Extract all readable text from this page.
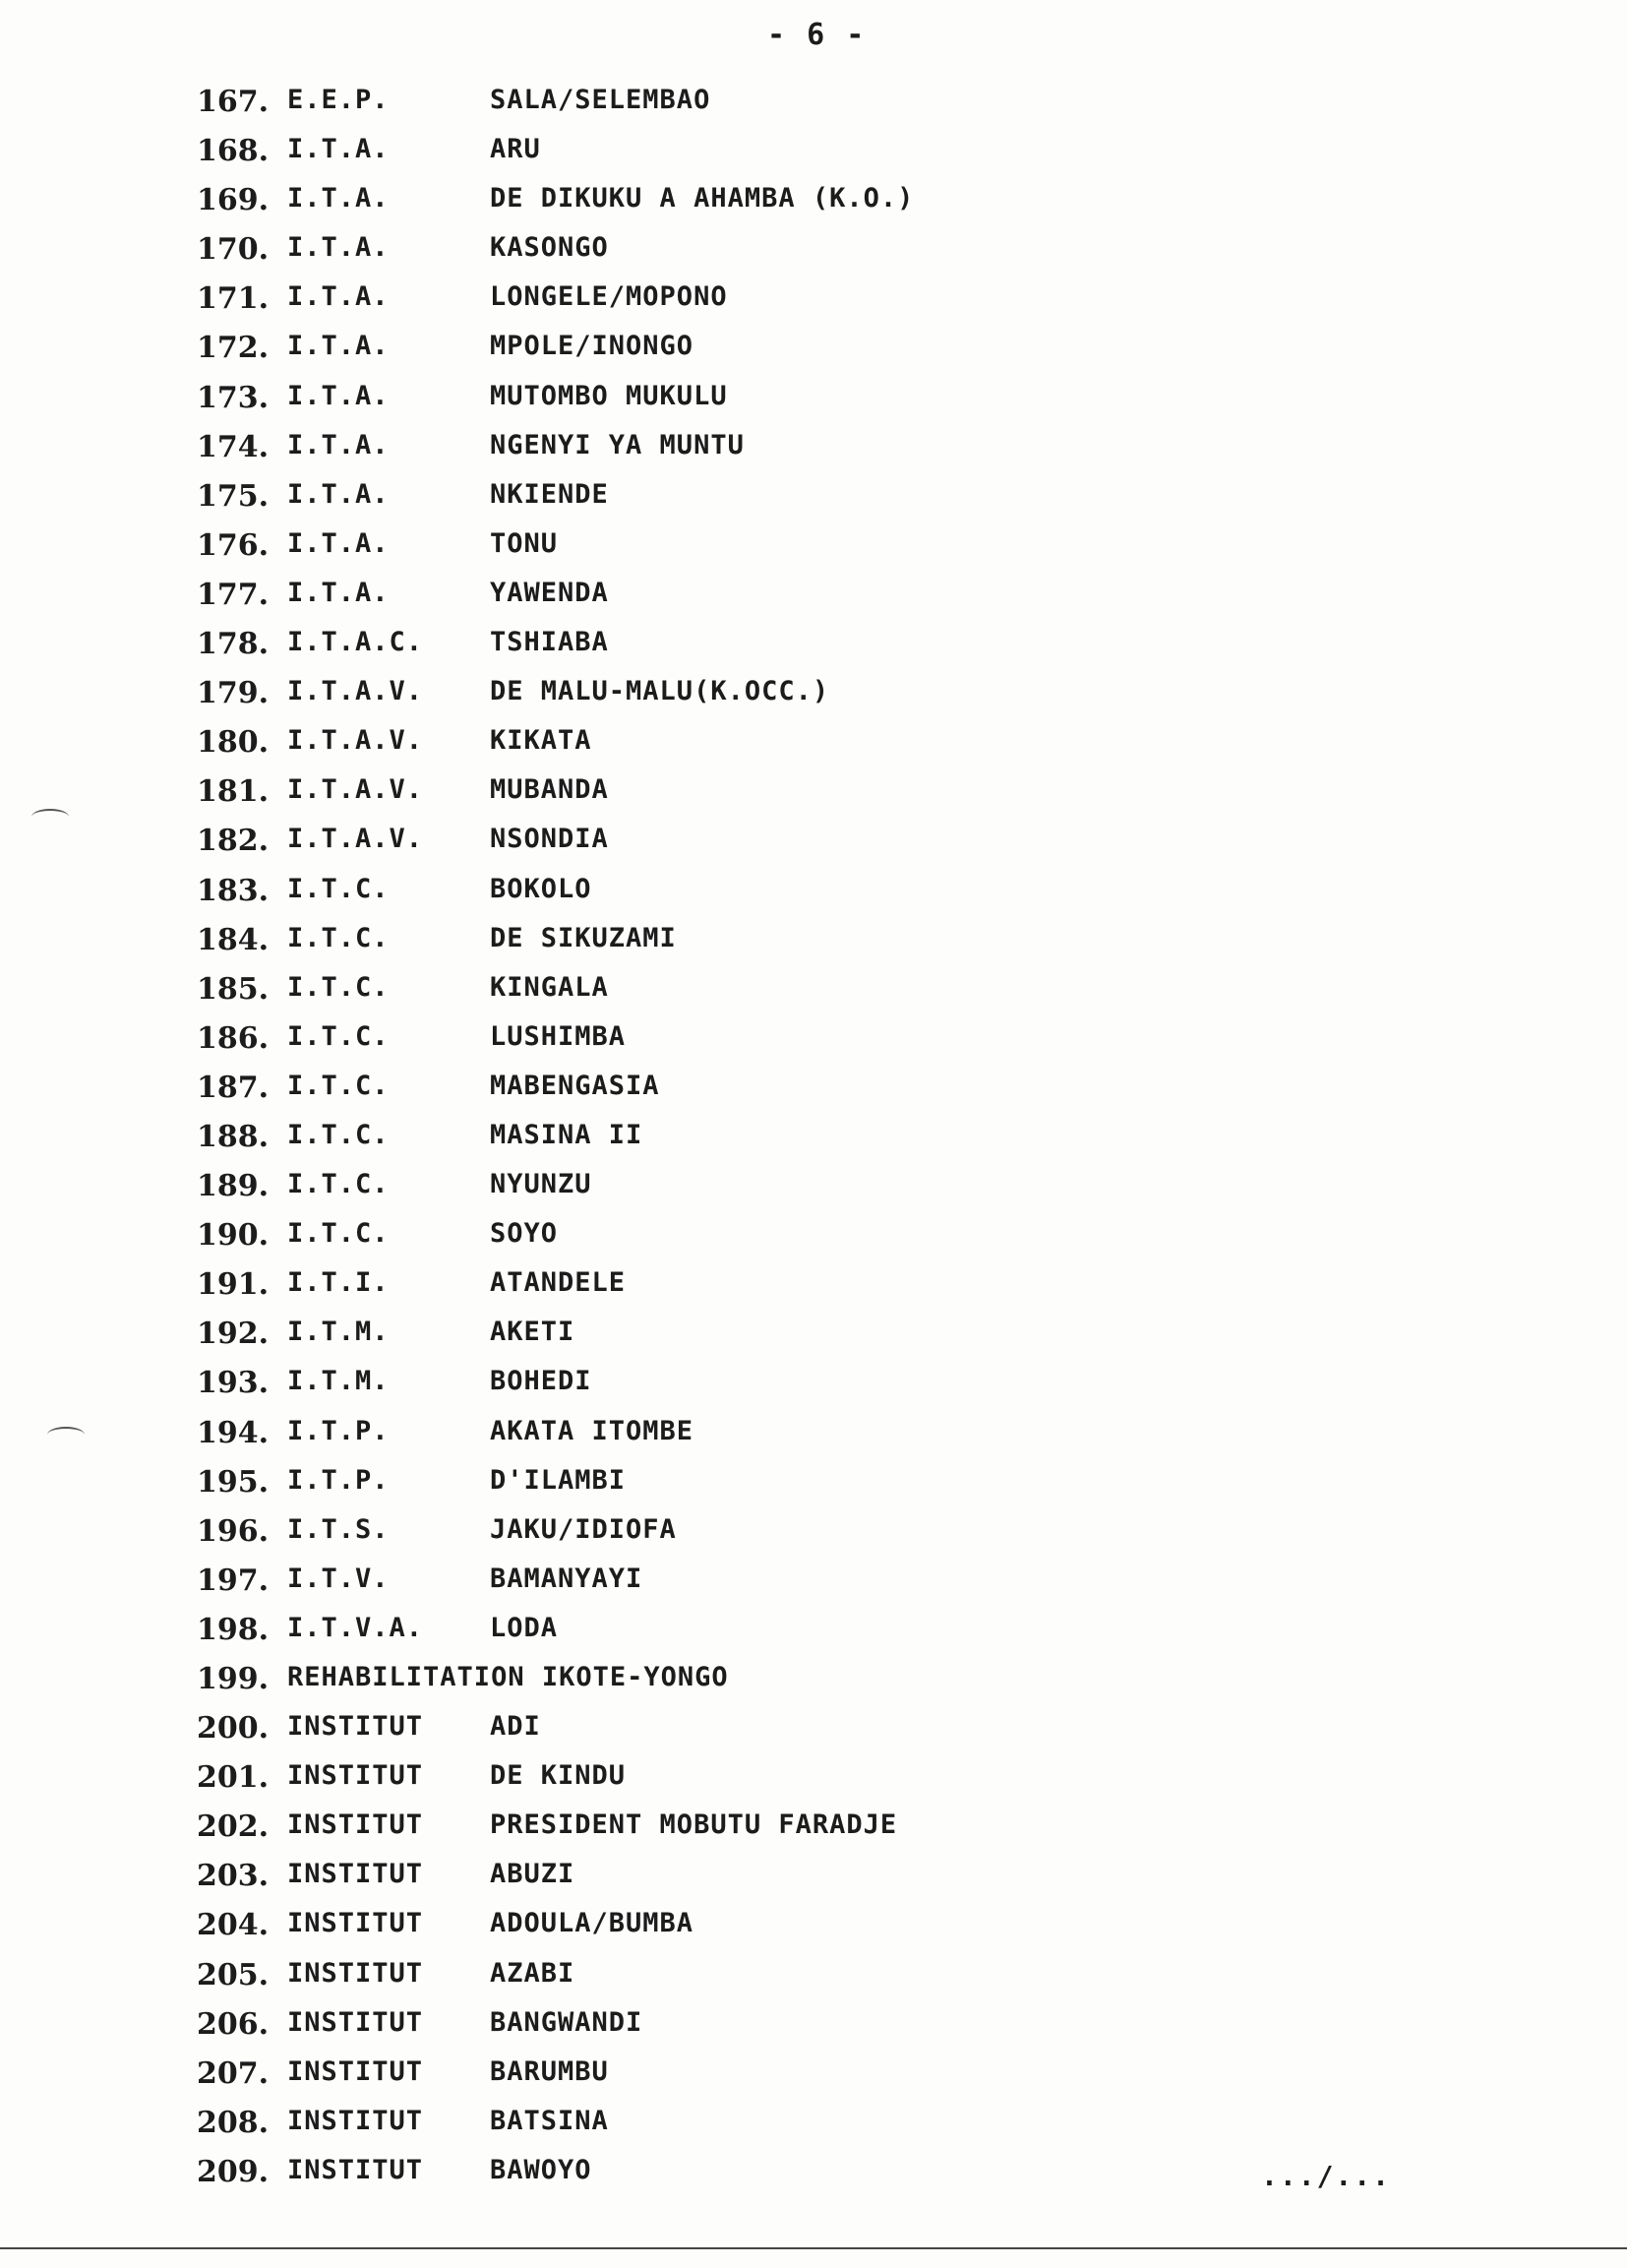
- 6 -
167. E.E.P.	SALA/SELEMBAO
168. I.T.A.	ARU
169. I.T.A.	DE DIKUKU A AHAMBA (K.O.)
170. I.T.A.	KASONGO
171. I.T.A.	LONGELE/MOPONO
172. I.T.A.	MPOLE/INONGO
173. I.T.A.	MUTOMBO MUKULU
174. I.T.A.	NGENYI YA MUNTU
175. I.T.A.	NKIENDE
176. I.T.A.	TONU
177. I.T.A.	YAWENDA
178. I.T.A.C.	TSHIABA
179. I.T.A.V.	DE MALU-MALU(K.OCC.)
180. I.T.A.V.	KIKATA
181. I.T.A.V.	MUBANDA
182. I.T.A.V.	NSONDIA
183. I.T.C.	BOKOLO
184. I.T.C.	DE SIKUZAMI
185. I.T.C.	KINGALA
186. I.T.C.	LUSHIMBA
187. I.T.C.	MABENGASIA
188. I.T.C.	MASINA II
189. I.T.C.	NYUNZU
190. I.T.C.	SOYO
191. I.T.I.	ATANDELE
192. I.T.M.	AKETI
193. I.T.M.	BOHEDI
194. I.T.P.	AKATA ITOMBE
195. I.T.P.	D'ILAMBI
196. I.T.S.	JAKU/IDIOFA
197. I.T.V.	BAMANYAYI
198. I.T.V.A.	LODA
199. REHABILITATION IKOTE-YONGO
200. INSTITUT	ADI
201. INSTITUT	DE KINDU
202. INSTITUT	PRESIDENT MOBUTU FARADJE
203. INSTITUT	ABUZI
204. INSTITUT	ADOULA/BUMBA
205. INSTITUT	AZABI
206. INSTITUT	BANGWANDI
207. INSTITUT	BARUMBU
208. INSTITUT	BATSINA
209. INSTITUT	BAWOYO	.../...
